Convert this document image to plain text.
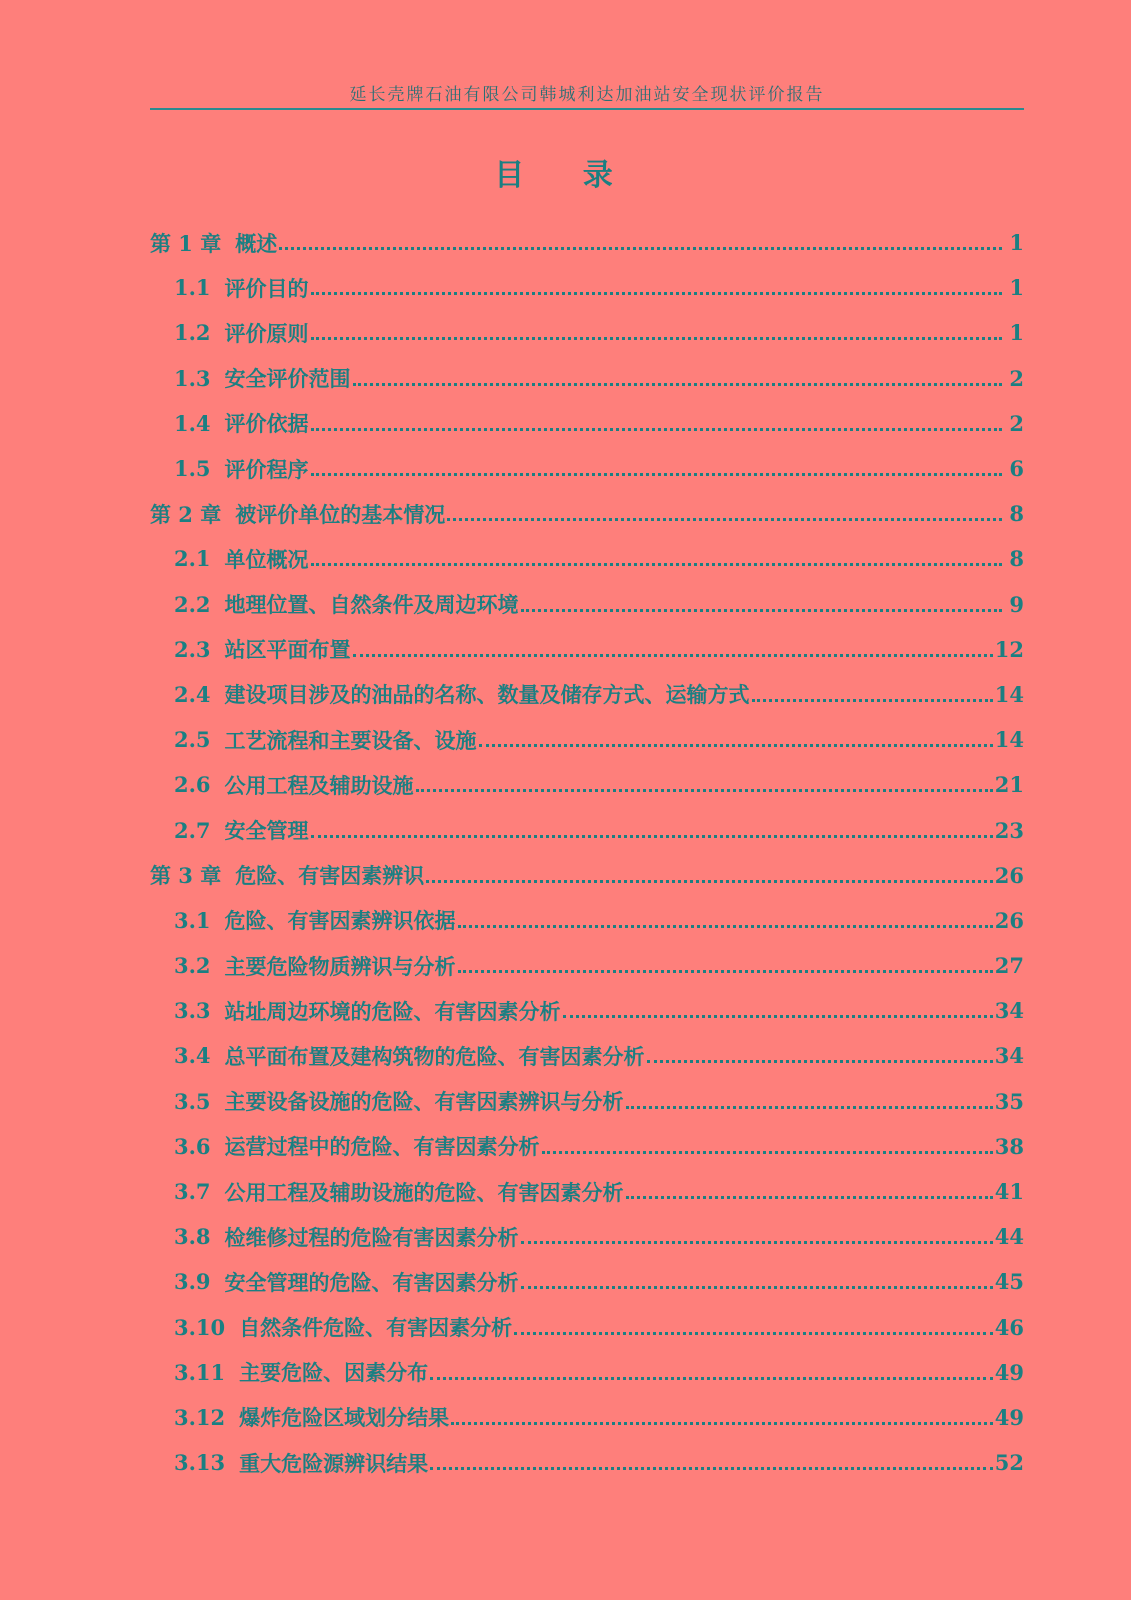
延长壳牌石油有限公司韩城利达加油站安全现状评价报告
目 录
第 1 章 概述	1
1.1 评价目的	1
1.2 评价原则	1
1.3 安全评价范围	2
1.4 评价依据	2
1.5 评价程序	6
第 2 章 被评价单位的基本情况	8
2.1 单位概况	8
2.2 地理位置、自然条件及周边环境	9
2.3 站区平面布置	12
2.4 建设项目涉及的油品的名称、数量及储存方式、运输方式	14
2.5 工艺流程和主要设备、设施	14
2.6 公用工程及辅助设施	21
2.7 安全管理	23
第 3 章 危险、有害因素辨识	26
3.1 危险、有害因素辨识依据	26
3.2 主要危险物质辨识与分析	27
3.3 站址周边环境的危险、有害因素分析	34
3.4 总平面布置及建构筑物的危险、有害因素分析	34
3.5 主要设备设施的危险、有害因素辨识与分析	35
3.6 运营过程中的危险、有害因素分析	38
3.7 公用工程及辅助设施的危险、有害因素分析	41
3.8 检维修过程的危险有害因素分析	44
3.9 安全管理的危险、有害因素分析	45
3.10 自然条件危险、有害因素分析	46
3.11 主要危险、因素分布	49
3.12 爆炸危险区域划分结果	49
3.13 重大危险源辨识结果	52
